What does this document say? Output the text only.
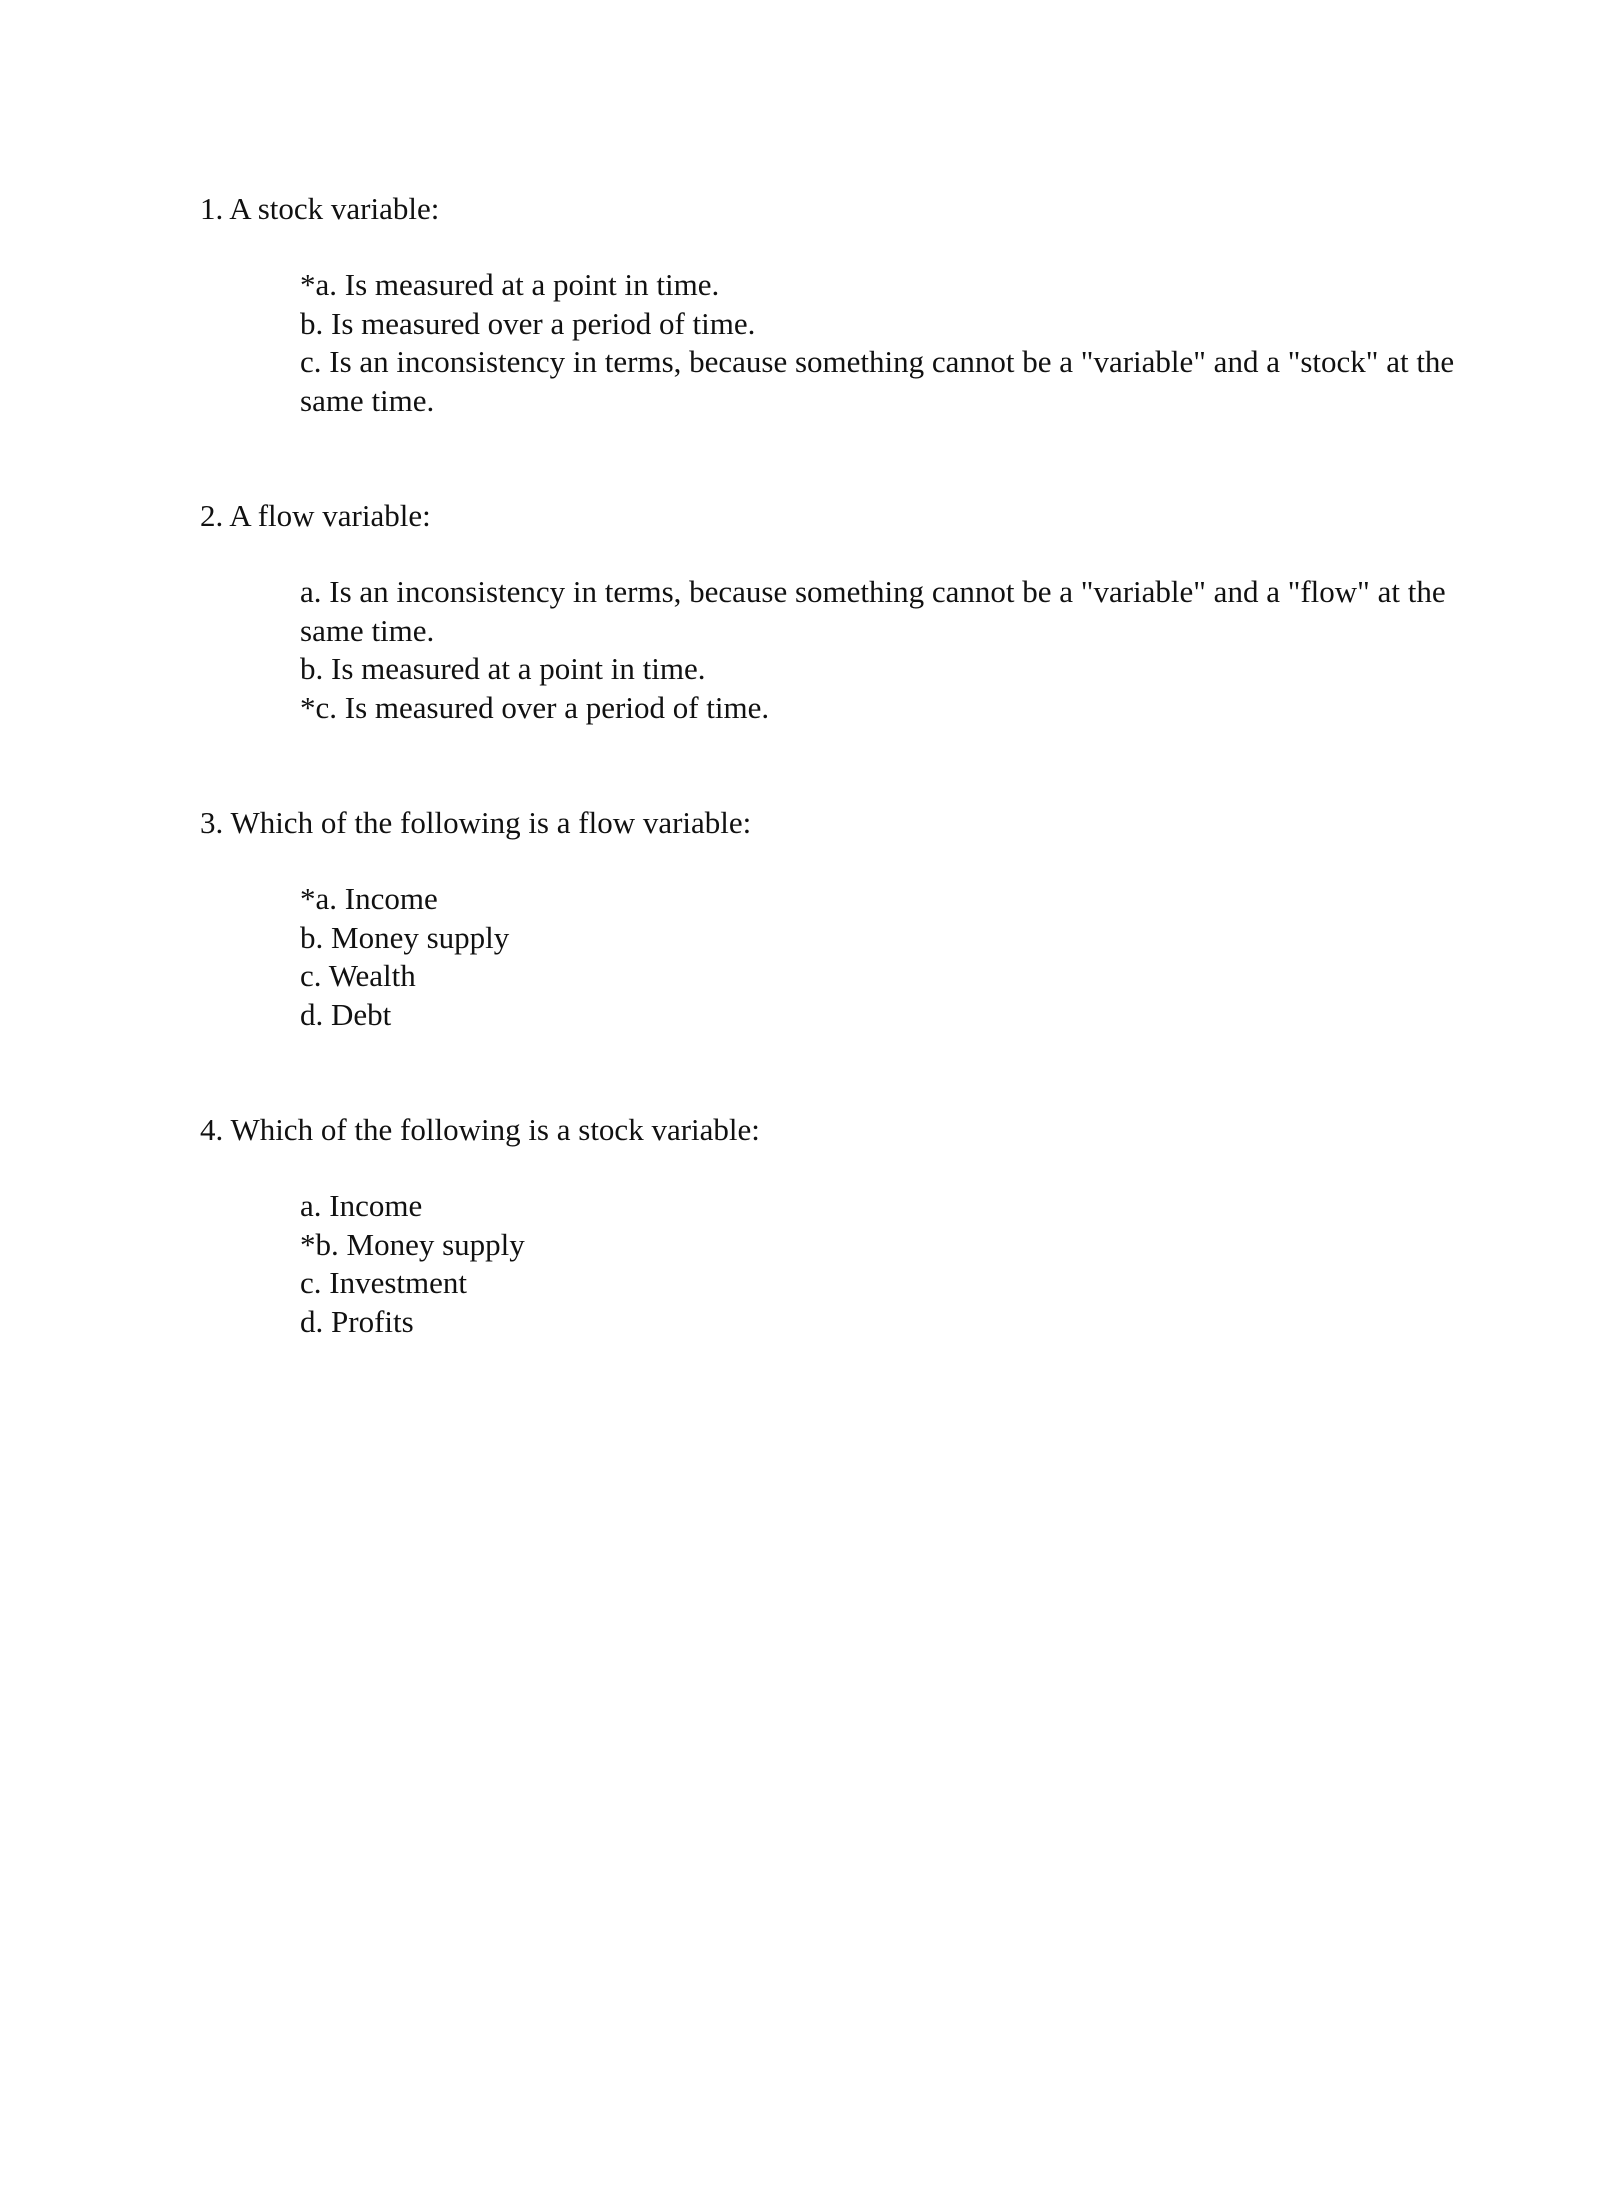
1. A stock variable:

*a. Is measured at a point in time.
b. Is measured over a period of time.
c. Is an inconsistency in terms, because something cannot be a "variable" and a "stock" at the same time.

2. A flow variable:

a. Is an inconsistency in terms, because something cannot be a "variable" and a "flow" at the same time.
b. Is measured at a point in time.
*c. Is measured over a period of time.

3. Which of the following is a flow variable:

*a. Income
b. Money supply
c. Wealth
d. Debt

4. Which of the following is a stock variable:

a. Income
*b. Money supply
c. Investment
d. Profits
